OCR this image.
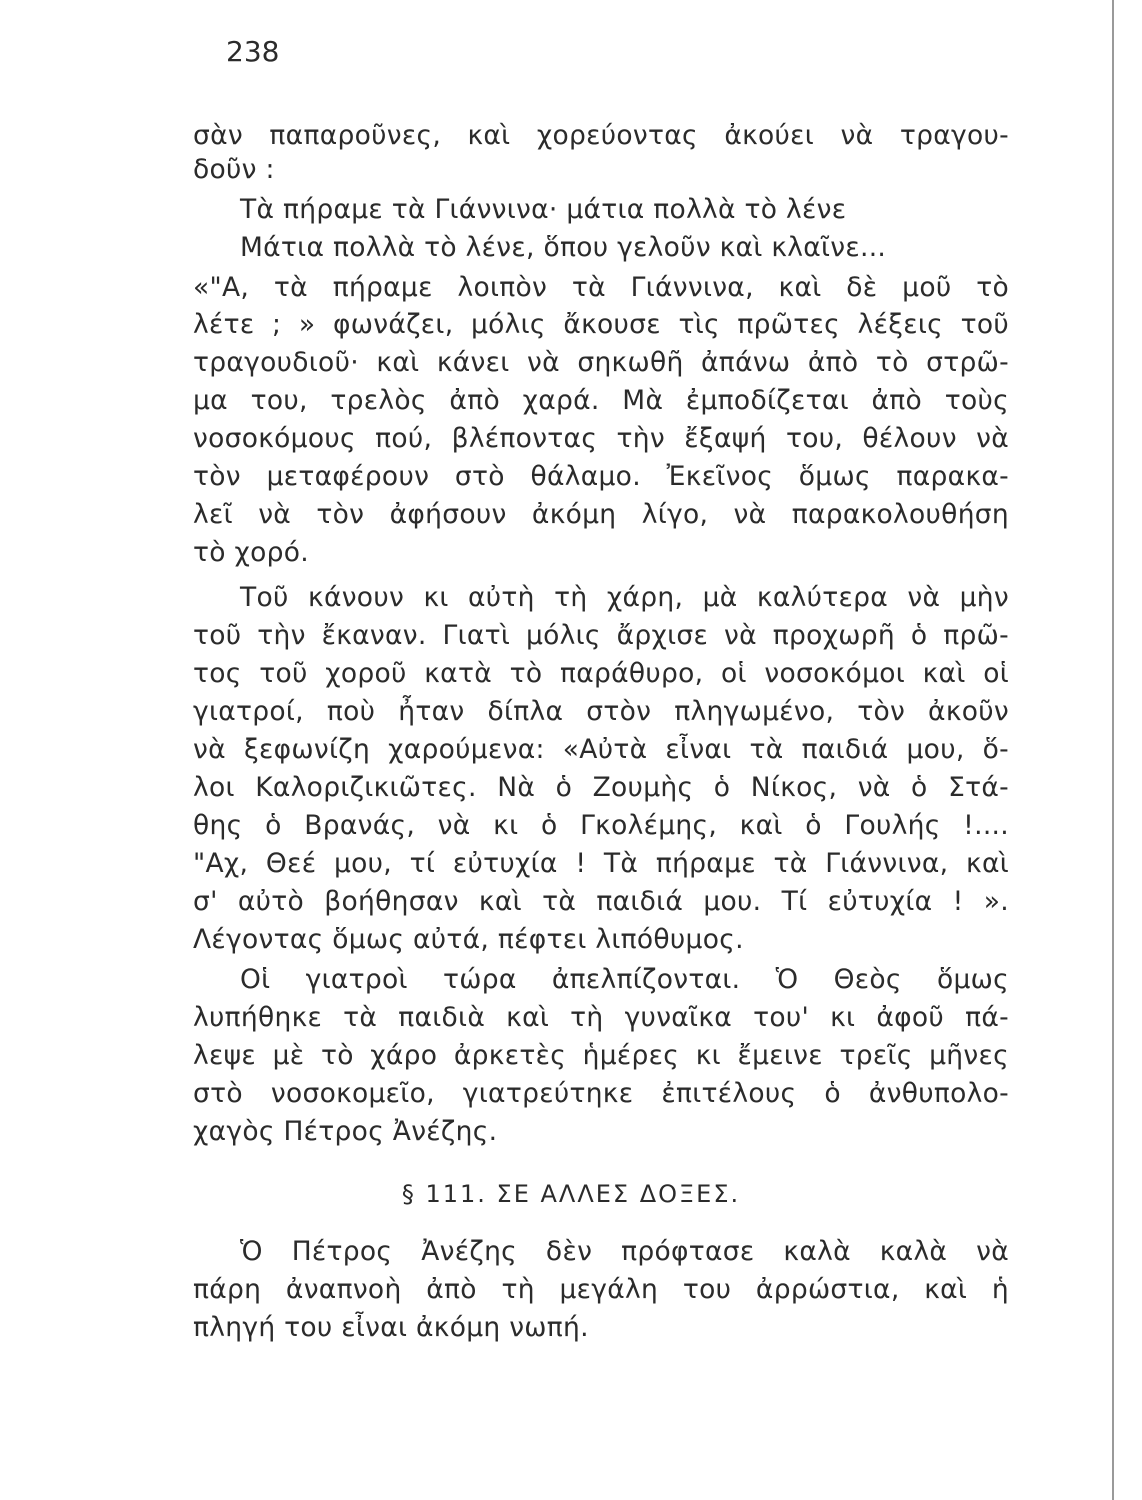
238
σὰν παπαροῦνες, καὶ χορεύοντας ἀκούει νὰ τραγου-
δοῦν :
Τὰ πήραμε τὰ Γιάννινα· μάτια πολλὰ τὸ λένε
Μάτια πολλὰ τὸ λένε, ὅπου γελοῦν καὶ κλαῖνε...
«"Α, τὰ πήραμε λοιπὸν τὰ Γιάννινα, καὶ δὲ μοῦ τὸ
λέτε ; » φωνάζει, μόλις ἄκουσε τὶς πρῶτες λέξεις τοῦ
τραγουδιοῦ· καὶ κάνει νὰ σηκωθῆ ἀπάνω ἀπὸ τὸ στρῶ-
μα του, τρελὸς ἀπὸ χαρά. Μὰ ἐμποδίζεται ἀπὸ τοὺς
νοσοκόμους πού, βλέποντας τὴν ἔξαψή του, θέλουν νὰ
τὸν μεταφέρουν στὸ θάλαμο. Ἐκεῖνος ὅμως παρακα-
λεῖ νὰ τὸν ἀφήσουν ἀκόμη λίγο, νὰ παρακολουθήση
τὸ χορό.
Τοῦ κάνουν κι αὐτὴ τὴ χάρη, μὰ καλύτερα νὰ μὴν
τοῦ τὴν ἔκαναν. Γιατὶ μόλις ἄρχισε νὰ προχωρῆ ὁ πρῶ-
τος τοῦ χοροῦ κατὰ τὸ παράθυρο, οἱ νοσοκόμοι καὶ οἱ
γιατροί, ποὺ ἦταν δίπλα στὸν πληγωμένο, τὸν ἀκοῦν
νὰ ξεφωνίζη χαρούμενα: «Αὐτὰ εἶναι τὰ παιδιά μου, ὅ-
λοι Καλοριζικιῶτες. Νὰ ὁ Ζουμὴς ὁ Νίκος, νὰ ὁ Στά-
θης ὁ Βρανάς, νὰ κι ὁ Γκολέμης, καὶ ὁ Γουλής !....
"Αχ, Θεέ μου, τί εὐτυχία ! Τὰ πήραμε τὰ Γιάννινα, καὶ
σ' αὐτὸ βοήθησαν καὶ τὰ παιδιά μου. Τί εὐτυχία ! ».
Λέγοντας ὅμως αὐτά, πέφτει λιπόθυμος.
Οἱ γιατροὶ τώρα ἀπελπίζονται. Ὁ Θεὸς ὅμως
λυπήθηκε τὰ παιδιὰ καὶ τὴ γυναῖκα του' κι ἀφοῦ πά-
λεψε μὲ τὸ χάρο ἀρκετὲς ἡμέρες κι ἔμεινε τρεῖς μῆνες
στὸ νοσοκομεῖο, γιατρεύτηκε ἐπιτέλους ὁ ἀνθυπολο-
χαγὸς Πέτρος Ἀνέζης.
§ 111. ΣΕ ΑΛΛΕΣ ΔΟΞΕΣ.
Ὁ Πέτρος Ἀνέζης δὲν πρόφτασε καλὰ καλὰ νὰ
πάρη ἀναπνοὴ ἀπὸ τὴ μεγάλη του ἀρρώστια, καὶ ἡ
πληγή του εἶναι ἀκόμη νωπή.
